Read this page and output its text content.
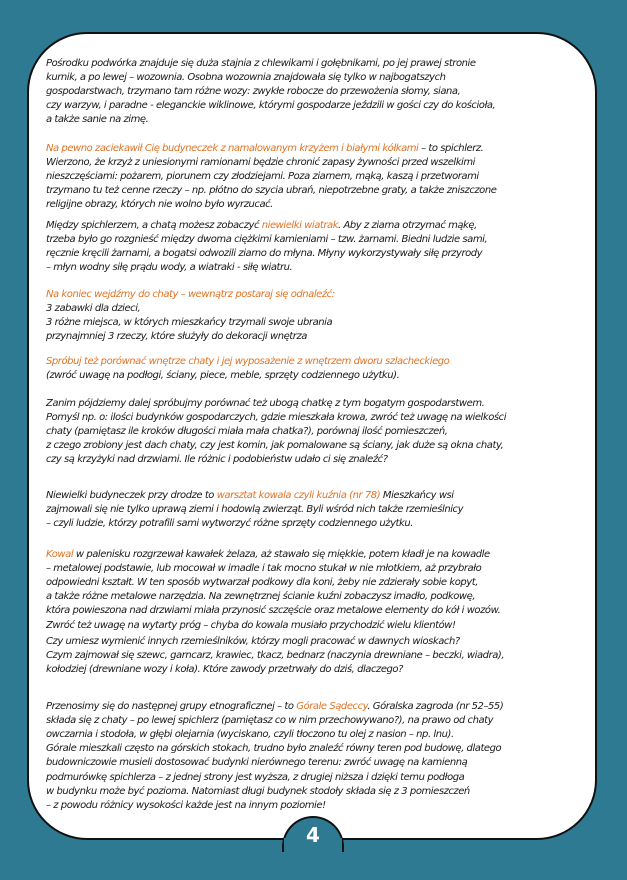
Pośrodku podwórka znajduje się duża stajnia z chlewikami i gołębnikami, po jej prawej stronie
kurnik, a po lewej – wozownia. Osobna wozownia znajdowała się tylko w najbogatszych
gospodarstwach, trzymano tam różne wozy: zwykłe robocze do przewożenia słomy, siana,
czy warzyw, i paradne - eleganckie wiklinowe, którymi gospodarze jeździli w gości czy do kościoła,
a także sanie na zimę.
Na pewno zaciekawił Cię budyneczek z namalowanym krzyżem i białymi kółkami – to spichlerz.
Wierzono, że krzyż z uniesionymi ramionami będzie chronić zapasy żywności przed wszelkimi
nieszczęściami: pożarem, piorunem czy złodziejami. Poza ziarnem, mąką, kaszą i przetworami
trzymano tu też cenne rzeczy – np. płótno do szycia ubrań, niepotrzebne graty, a także zniszczone
religijne obrazy, których nie wolno było wyrzucać.
Między spichlerzem, a chatą możesz zobaczyć niewielki wiatrak. Aby z ziarna otrzymać mąkę,
trzeba było go rozgnieść między dwoma ciężkimi kamieniami – tzw. żarnami. Biedni ludzie sami,
ręcznie kręcili żarnami, a bogatsi odwozili ziarno do młyna. Młyny wykorzystywały siłę przyrody
– młyn wodny siłę prądu wody, a wiatraki - siłę wiatru.
Na koniec wejdźmy do chaty – wewnątrz postaraj się odnaleźć:
3 zabawki dla dzieci,
3 różne miejsca, w których mieszkańcy trzymali swoje ubrania
przynajmniej 3 rzeczy, które służyły do dekoracji wnętrza
Spróbuj też porównać wnętrze chaty i jej wyposażenie z wnętrzem dworu szlacheckiego
(zwróć uwagę na podłogi, ściany, piece, meble, sprzęty codziennego użytku).
Zanim pójdziemy dalej spróbujmy porównać też ubogą chatkę z tym bogatym gospodarstwem.
Pomyśl np. o: ilości budynków gospodarczych, gdzie mieszkała krowa, zwróć też uwagę na wielkości
chaty (pamiętasz ile kroków długości miała mała chatka?), porównaj ilość pomieszczeń,
z czego zrobiony jest dach chaty, czy jest komin, jak pomalowane są ściany, jak duże są okna chaty,
czy są krzyżyki nad drzwiami. Ile różnic i podobieństw udało ci się znaleźć?
Niewielki budyneczek przy drodze to warsztat kowala czyli kuźnia (nr 78) Mieszkańcy wsi
zajmowali się nie tylko uprawą ziemi i hodowlą zwierząt. Byli wśród nich także rzemieślnicy
– czyli ludzie, którzy potrafili sami wytworzyć różne sprzęty codziennego użytku.
Kowal w palenisku rozgrzewał kawałek żelaza, aż stawało się miękkie, potem kładł je na kowadle
– metalowej podstawie, lub mocował w imadle i tak mocno stukał w nie młotkiem, aż przybrało
odpowiedni kształt. W ten sposób wytwarzał podkowy dla koni, żeby nie zdzierały sobie kopyt,
a także różne metalowe narzędzia. Na zewnętrznej ścianie kuźni zobaczysz imadło, podkowę,
która powieszona nad drzwiami miała przynosić szczęście oraz metalowe elementy do kół i wozów.
Zwróć też uwagę na wytarty próg – chyba do kowala musiało przychodzić wielu klientów!
Czy umiesz wymienić innych rzemieślników, którzy mogli pracować w dawnych wioskach?
Czym zajmował się szewc, garncarz, krawiec, tkacz, bednarz (naczynia drewniane – beczki, wiadra),
kołodziej (drewniane wozy i koła). Które zawody przetrwały do dziś, dlaczego?
Przenosimy się do następnej grupy etnograficznej – to Górale Sądeccy. Góralska zagroda (nr 52–55)
składa się z chaty – po lewej spichlerz (pamiętasz co w nim przechowywano?), na prawo od chaty
owczarnia i stodoła, w głębi olejarnia (wyciskano, czyli tłoczono tu olej z nasion – np. lnu).
Górale mieszkali często na górskich stokach, trudno było znaleźć równy teren pod budowę, dlatego
budowniczowie musieli dostosować budynki nierównego terenu: zwróć uwagę na kamienną
podmurówkę spichlerza – z jednej strony jest wyższa, z drugiej niższa i dzięki temu podłoga
w budynku może być pozioma. Natomiast długi budynek stodoły składa się z 3 pomieszczeń
– z powodu różnicy wysokości każde jest na innym poziomie!
4
